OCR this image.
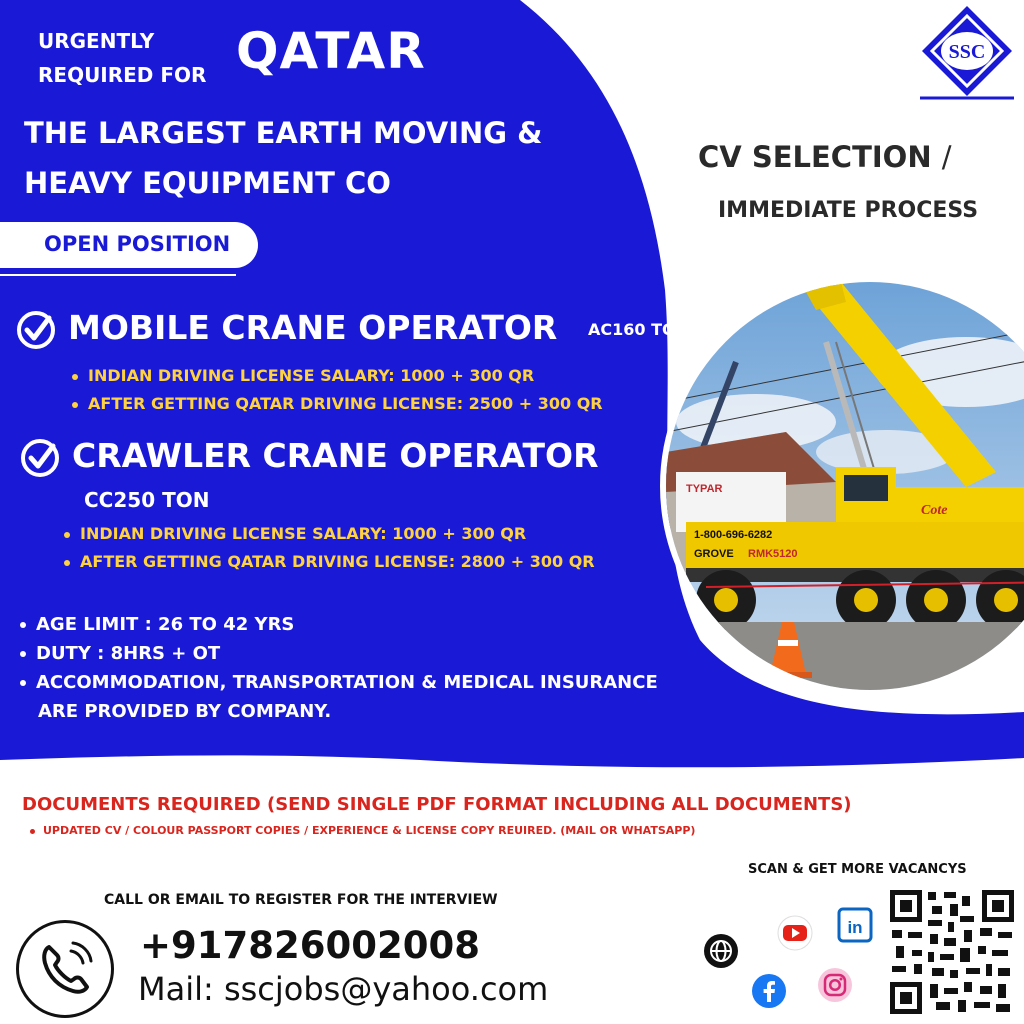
URGENTLY
REQUIRED FOR QATAR
THE LARGEST EARTH MOVING &
HEAVY EQUIPMENT CO
OPEN POSITION
MOBILE CRANE OPERATOR AC160 TON
INDIAN DRIVING LICENSE SALARY: 1000 + 300 QR
AFTER GETTING QATAR DRIVING LICENSE: 2500 + 300 QR
CRAWLER CRANE OPERATOR
CC250 TON
INDIAN DRIVING LICENSE SALARY: 1000 + 300 QR
AFTER GETTING QATAR DRIVING LICENSE: 2800 + 300 QR
AGE LIMIT : 26 TO 42 YRS
DUTY : 8HRS + OT
ACCOMMODATION, TRANSPORTATION & MEDICAL INSURANCE
ARE PROVIDED BY COMPANY.
CV SELECTION /
IMMEDIATE PROCESS
SSC
TYPAR
Cote
1-800-696-6282
GROVE RMK5120
DOCUMENTS REQUIRED (SEND SINGLE PDF FORMAT INCLUDING ALL DOCUMENTS)
UPDATED CV / COLOUR PASSPORT COPIES / EXPERIENCE & LICENSE COPY REUIRED. (MAIL OR WHATSAPP)
CALL OR EMAIL TO REGISTER FOR THE INTERVIEW
+917826002008
Mail: sscjobs@yahoo.com
SCAN & GET MORE VACANCYS
in
